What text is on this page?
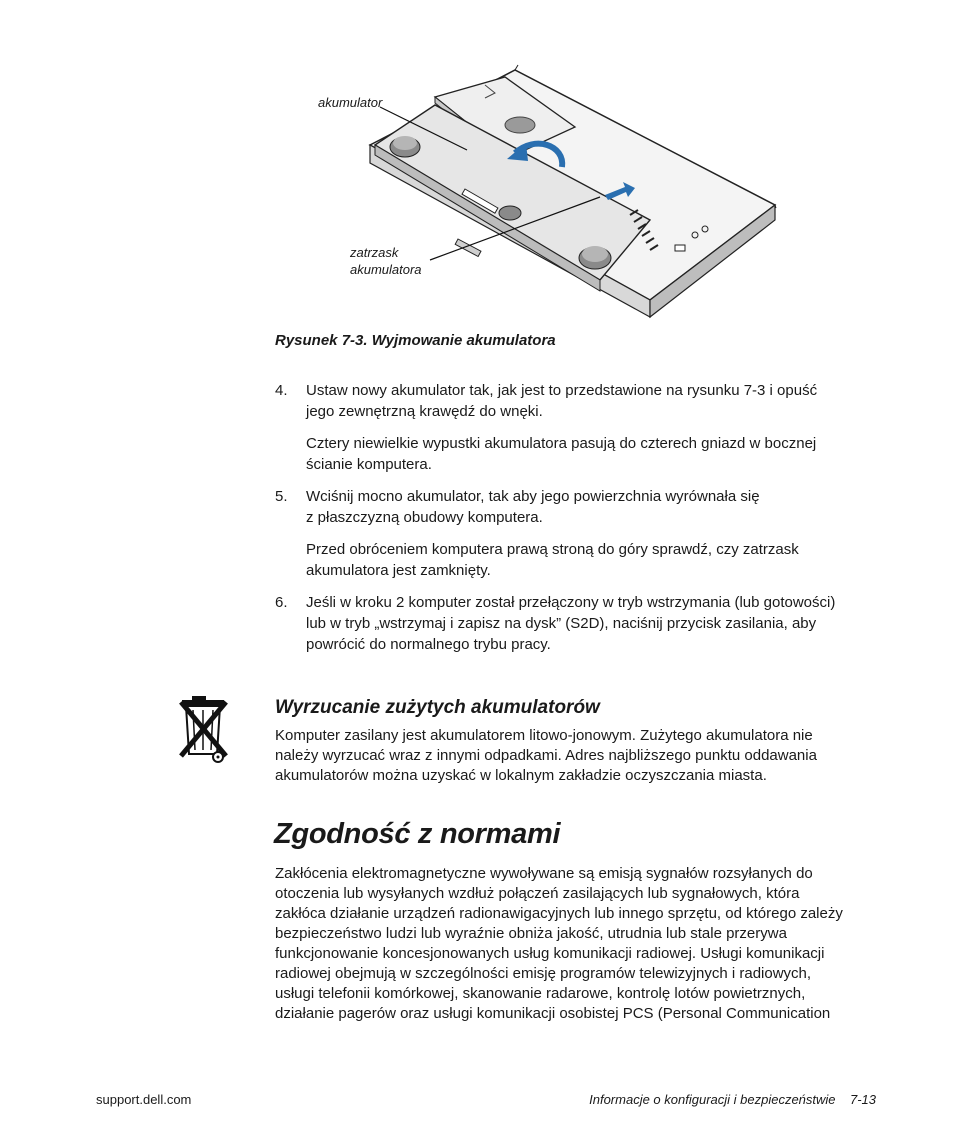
akumulator
zatrzask
akumulatora
Rysunek 7-3. Wyjmowanie akumulatora
4. Ustaw nowy akumulator tak, jak jest to przedstawione na rysunku 7-3 i opuść
jego zewnętrzną krawędź do wnęki.
Cztery niewielkie wypustki akumulatora pasują do czterech gniazd w bocznej
ścianie komputera.
5. Wciśnij mocno akumulator, tak aby jego powierzchnia wyrównała się
z płaszczyzną obudowy komputera.
Przed obróceniem komputera prawą stroną do góry sprawdź, czy zatrzask
akumulatora jest zamknięty.
6. Jeśli w kroku 2 komputer został przełączony w tryb wstrzymania (lub gotowości)
lub w tryb „wstrzymaj i zapisz na dysk” (S2D), naciśnij przycisk zasilania, aby
powrócić do normalnego trybu pracy.
Wyrzucanie zużytych akumulatorów
Komputer zasilany jest akumulatorem litowo-jonowym. Zużytego akumulatora nie
należy wyrzucać wraz z innymi odpadkami. Adres najbliższego punktu oddawania
akumulatorów można uzyskać w lokalnym zakładzie oczyszczania miasta.
Zgodność z normami
Zakłócenia elektromagnetyczne wywoływane są emisją sygnałów rozsyłanych do
otoczenia lub wysyłanych wzdłuż połączeń zasilających lub sygnałowych, która
zakłóca działanie urządzeń radionawigacyjnych lub innego sprzętu, od którego zależy
bezpieczeństwo ludzi lub wyraźnie obniża jakość, utrudnia lub stale przerywa
funkcjonowanie koncesjonowanych usług komunikacji radiowej. Usługi komunikacji
radiowej obejmują w szczególności emisję programów telewizyjnych i radiowych,
usługi telefonii komórkowej, skanowanie radarowe, kontrolę lotów powietrznych,
działanie pagerów oraz usługi komunikacji osobistej PCS (Personal Communication
support.dell.com	Informacje o konfiguracji i bezpieczeństwie    7-13
